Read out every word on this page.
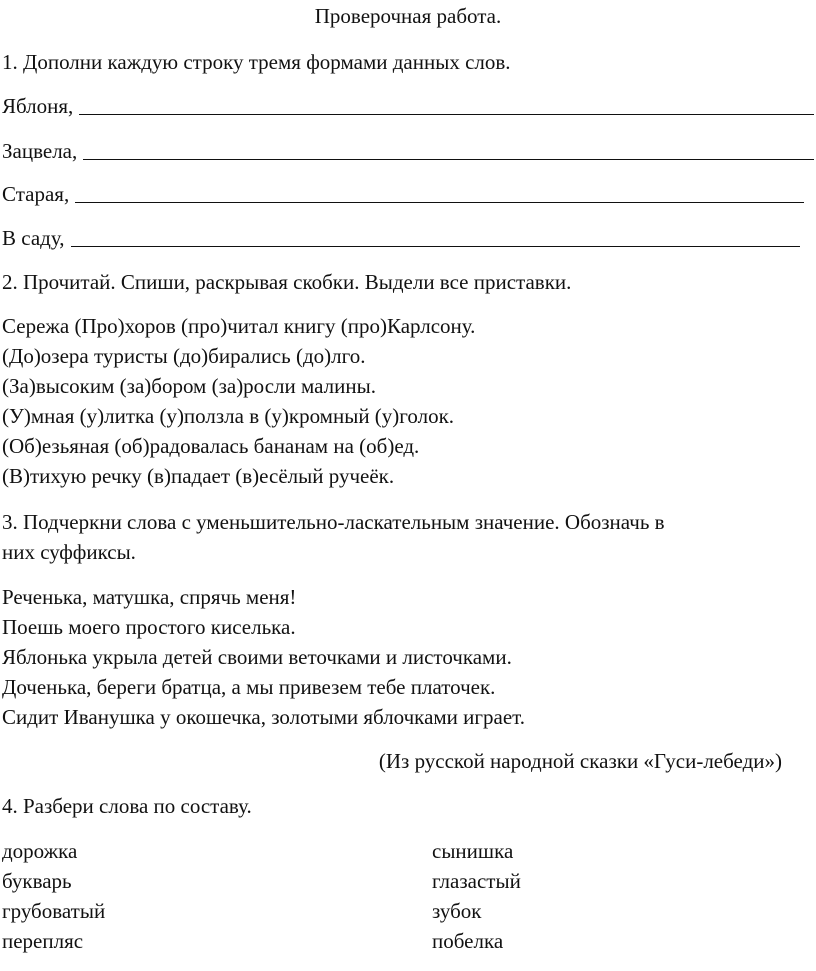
Проверочная работа.
1. Дополни каждую строку тремя формами данных слов.
Яблоня,
Зацвела,
Старая,
В саду,
2. Прочитай. Спиши, раскрывая скобки. Выдели все приставки.
Сережа (Про)хоров (про)читал книгу (про)Карлсону.
(До)озера туристы (до)бирались (до)лго.
(За)высоким (за)бором (за)росли малины.
(У)мная (у)литка (у)ползла в (у)кромный (у)голок.
(Об)езьяная (об)радовалась бананам на (об)ед.
(В)тихую речку (в)падает (в)есёлый ручеёк.
3. Подчеркни слова с уменьшительно-ласкательным значение. Обозначь в
них суффиксы.
Реченька, матушка, спрячь меня!
Поешь моего простого киселька.
Яблонька укрыла детей своими веточками и листочками.
Доченька, береги братца, а мы привезем тебе платочек.
Сидит Иванушка у окошечка, золотыми яблочками играет.
(Из русской народной сказки «Гуси-лебеди»)
4. Разбери слова по составу.
дорожка
букварь
грубоватый
перепляс
сынишка
глазастый
зубок
побелка
